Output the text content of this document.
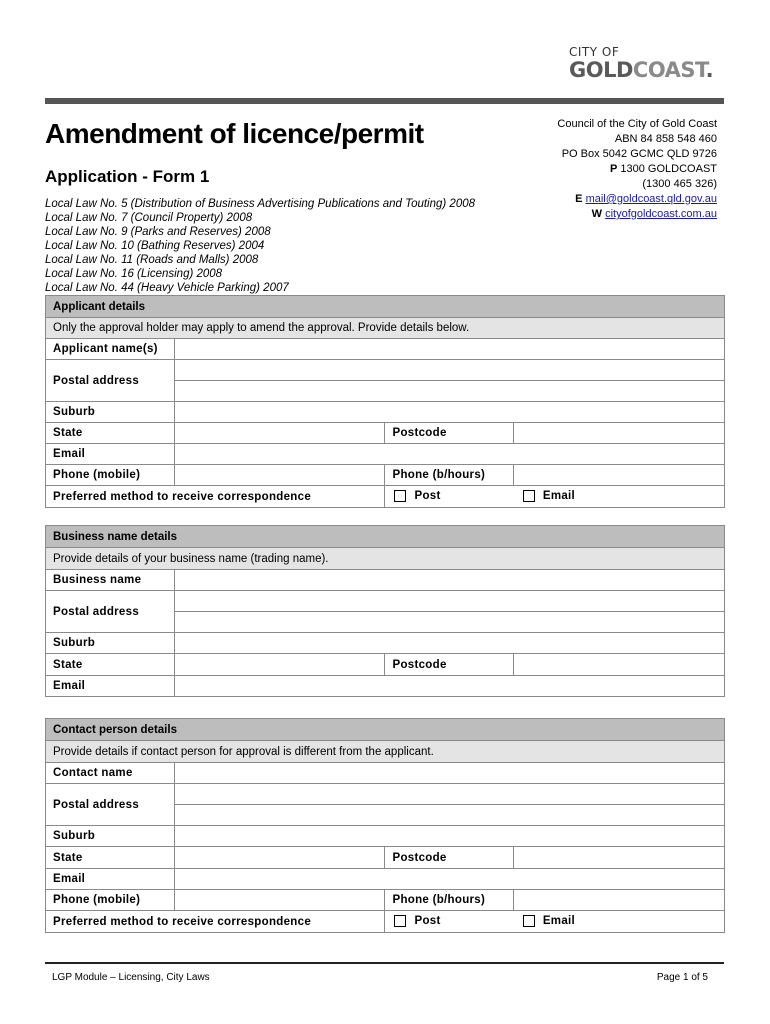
CITY OF
GOLDCOAST.
Amendment of licence/permit
Application - Form 1
Council of the City of Gold Coast
ABN 84 858 548 460
PO Box 5042 GCMC QLD 9726
P 1300 GOLDCOAST
(1300 465 326)
E mail@goldcoast.qld.gov.au
W cityofgoldcoast.com.au
Local Law No. 5 (Distribution of Business Advertising Publications and Touting) 2008
Local Law No. 7 (Council Property) 2008
Local Law No. 9 (Parks and Reserves) 2008
Local Law No. 10 (Bathing Reserves) 2004
Local Law No. 11 (Roads and Malls) 2008
Local Law No. 16 (Licensing) 2008
Local Law No. 44 (Heavy Vehicle Parking) 2007
Applicant details			
Only the approval holder may apply to amend the approval. Provide details below.			
Applicant name(s)			
Postal address			

Suburb			
State		Postcode	
Email			
Phone (mobile)		Phone (b/hours)	
Preferred method to receive correspondence		Post	Email
Business name details			
Provide details of your business name (trading name).			
Business name			
Postal address			

Suburb			
State		Postcode	
Email			
Contact person details			
Provide details if contact person for approval is different from the applicant.			
Contact name			
Postal address			

Suburb			
State		Postcode	
Email			
Phone (mobile)		Phone (b/hours)	
Preferred method to receive correspondence		Post	Email
LGP Module – Licensing, City Laws	Page 1 of 5
